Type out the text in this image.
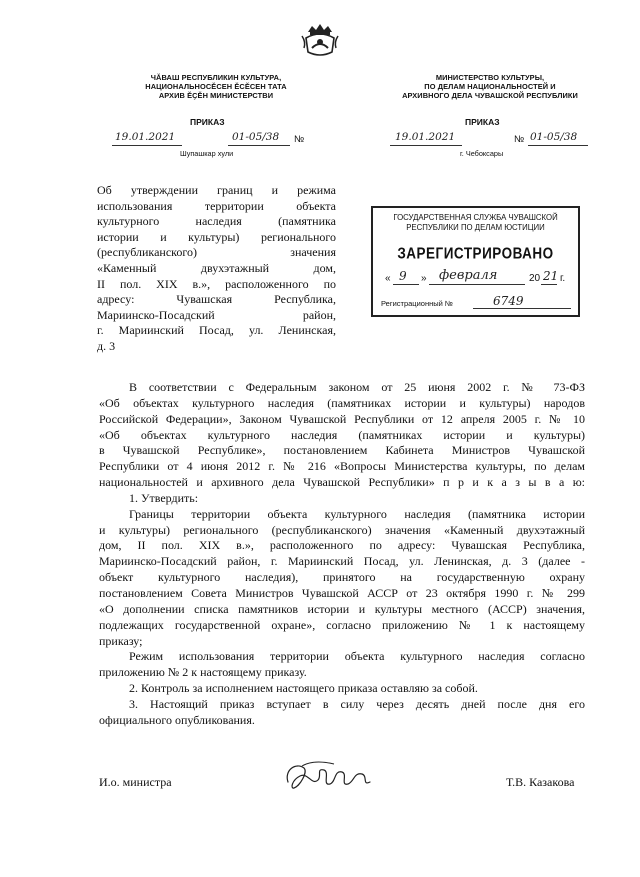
ЧĂВАШ РЕСПУБЛИКИН КУЛЬТУРА,
НАЦИОНАЛЬНОСĔСЕН ĔСĔСЕН ТАТА
АРХИВ ĔҪĔН МИНИСТЕРСТВИ
МИНИСТЕРСТВО КУЛЬТУРЫ,
ПО ДЕЛАМ НАЦИОНАЛЬНОСТЕЙ И
АРХИВНОГО ДЕЛА ЧУВАШСКОЙ РЕСПУБЛИКИ
ПРИКАЗ
19.01.2021	01-05/38 №
Шупашкар хули
ПРИКАЗ
19.01.2021	№ 01-05/38
г. Чебоксары
Об утверждении границ и режима
использования территории объекта
культурного наследия (памятника
истории и культуры) регионального
(республиканского) значения
«Каменный двухэтажный дом,
II пол. XIX в.», расположенного по
адресу: Чувашская Республика,
Мариинско-Посадский район,
г. Мариинский Посад, ул. Ленинская,
д. 3
ГОСУДАРСТВЕННАЯ СЛУЖБА ЧУВАШСКОЙ
РЕСПУБЛИКИ ПО ДЕЛАМ ЮСТИЦИИ
ЗАРЕГИСТРИРОВАНО
« 9 » февраля	20 21 г.
Регистрационный №	6749
В соответствии с Федеральным законом от 25 июня 2002 г. № 73-ФЗ
«Об объектах культурного наследия (памятниках истории и культуры) народов
Российской Федерации», Законом Чувашской Республики от 12 апреля 2005 г. № 10
«Об объектах культурного наследия (памятниках истории и культуры)
в Чувашской Республике», постановлением Кабинета Министров Чувашской
Республики от 4 июня 2012 г. № 216 «Вопросы Министерства культуры, по делам
национальностей и архивного дела Чувашской Республики» п р и к а з ы в а ю:
1. Утвердить:
Границы территории объекта культурного наследия (памятника истории
и культуры) регионального (республиканского) значения «Каменный двухэтажный
дом, II пол. XIX в.», расположенного по адресу: Чувашская Республика,
Мариинско-Посадский район, г. Мариинский Посад, ул. Ленинская, д. 3 (далее -
объект культурного наследия), принятого на государственную охрану
постановлением Совета Министров Чувашской АССР от 23 октября 1990 г. № 299
«О дополнении списка памятников истории и культуры местного (АССР) значения,
подлежащих государственной охране», согласно приложению № 1 к настоящему
приказу;
Режим использования территории объекта культурного наследия согласно
приложению № 2 к настоящему приказу.
2. Контроль за исполнением настоящего приказа оставляю за собой.
3. Настоящий приказ вступает в силу через десять дней после дня его
официального опубликования.
И.о. министра	Т.В. Казакова
